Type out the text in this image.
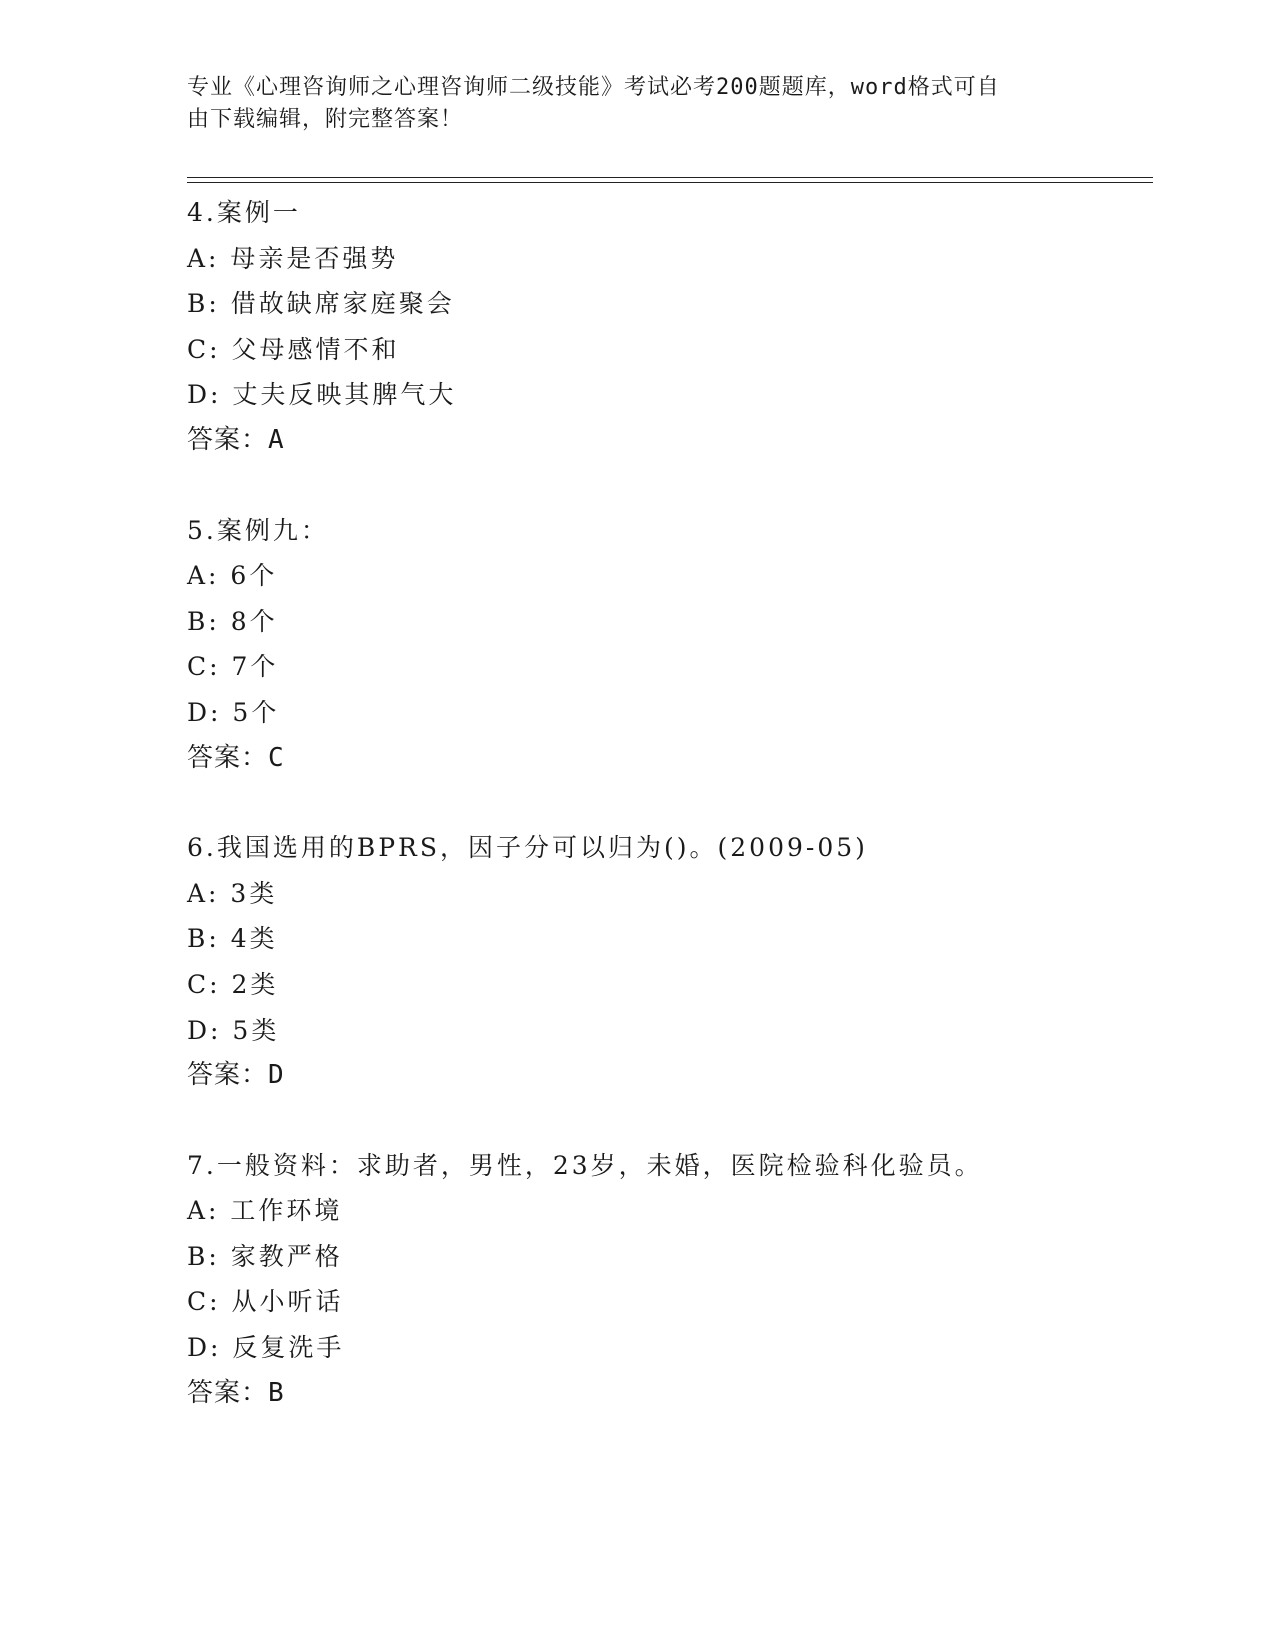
专业《心理咨询师之心理咨询师二级技能》考试必考200题题库，word格式可自
由下载编辑，附完整答案！
4.案例一
A: 母亲是否强势
B: 借故缺席家庭聚会
C: 父母感情不和
D: 丈夫反映其脾气大
答案：A
5.案例九：
A: 6个
B: 8个
C: 7个
D: 5个
答案：C
6.我国选用的BPRS，因子分可以归为()。(2009-05)
A: 3类
B: 4类
C: 2类
D: 5类
答案：D
7.一般资料：求助者，男性，23岁，未婚，医院检验科化验员。
A: 工作环境
B: 家教严格
C: 从小听话
D: 反复洗手
答案：B
